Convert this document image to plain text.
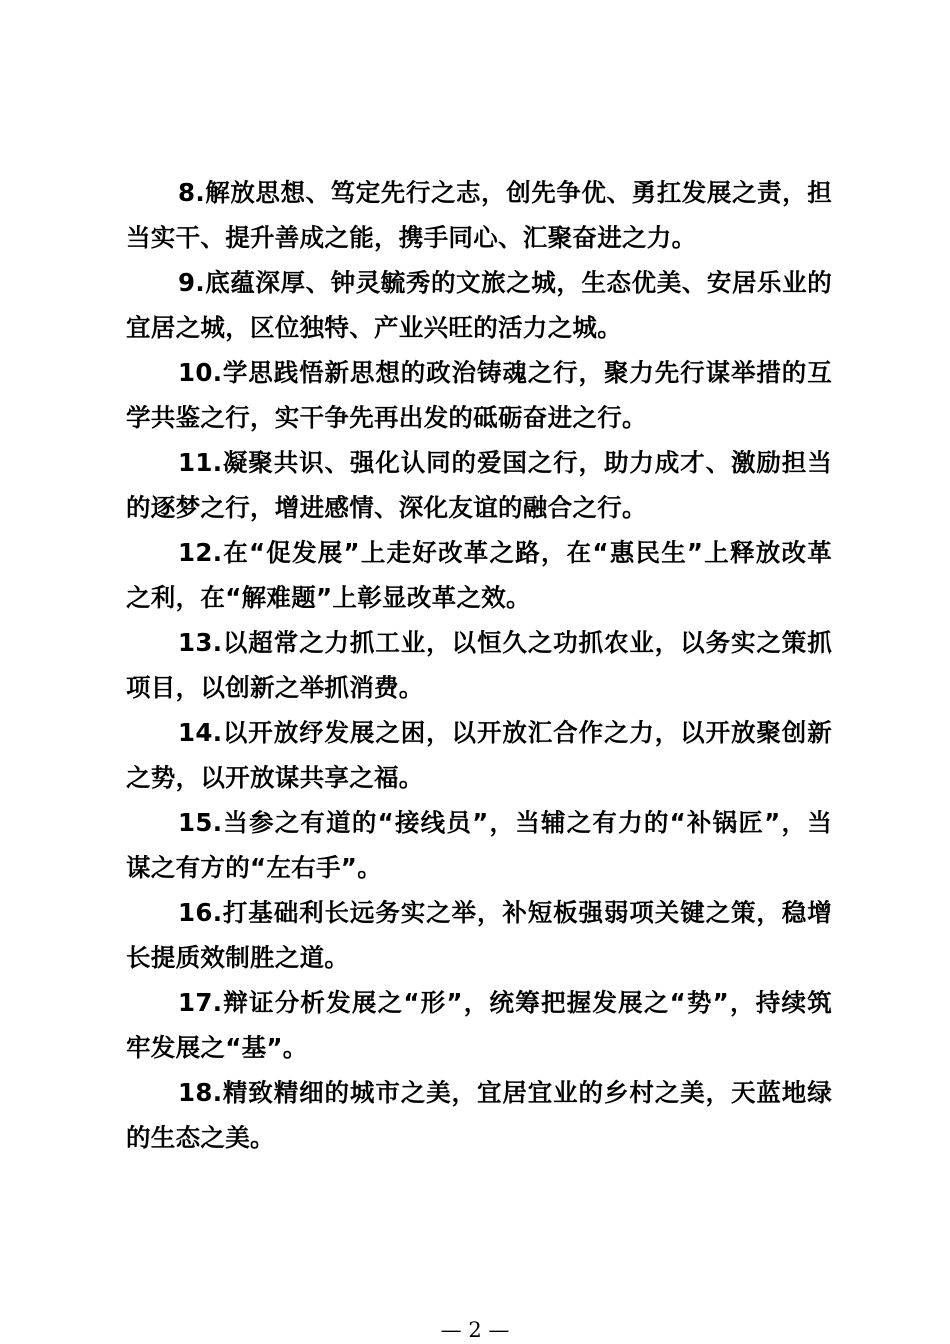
8.解放思想、笃定先行之志，创先争优、勇扛发展之责，担当实干、提升善成之能，携手同心、汇聚奋进之力。

9.底蕴深厚、钟灵毓秀的文旅之城，生态优美、安居乐业的宜居之城，区位独特、产业兴旺的活力之城。

10.学思践悟新思想的政治铸魂之行，聚力先行谋举措的互学共鉴之行，实干争先再出发的砥砺奋进之行。

11.凝聚共识、强化认同的爱国之行，助力成才、激励担当的逐梦之行，增进感情、深化友谊的融合之行。

12.在“促发展”上走好改革之路，在“惠民生”上释放改革之利，在“解难题”上彰显改革之效。

13.以超常之力抓工业，以恒久之功抓农业，以务实之策抓项目，以创新之举抓消费。

14.以开放纾发展之困，以开放汇合作之力，以开放聚创新之势，以开放谋共享之福。

15.当参之有道的“接线员”，当辅之有力的“补锅匠”，当谋之有方的“左右手”。

16.打基础利长远务实之举，补短板强弱项关键之策，稳增长提质效制胜之道。

17.辩证分析发展之“形”，统筹把握发展之“势”，持续筑牢发展之“基”。

18.精致精细的城市之美，宜居宜业的乡村之美，天蓝地绿的生态之美。

— 2 —
